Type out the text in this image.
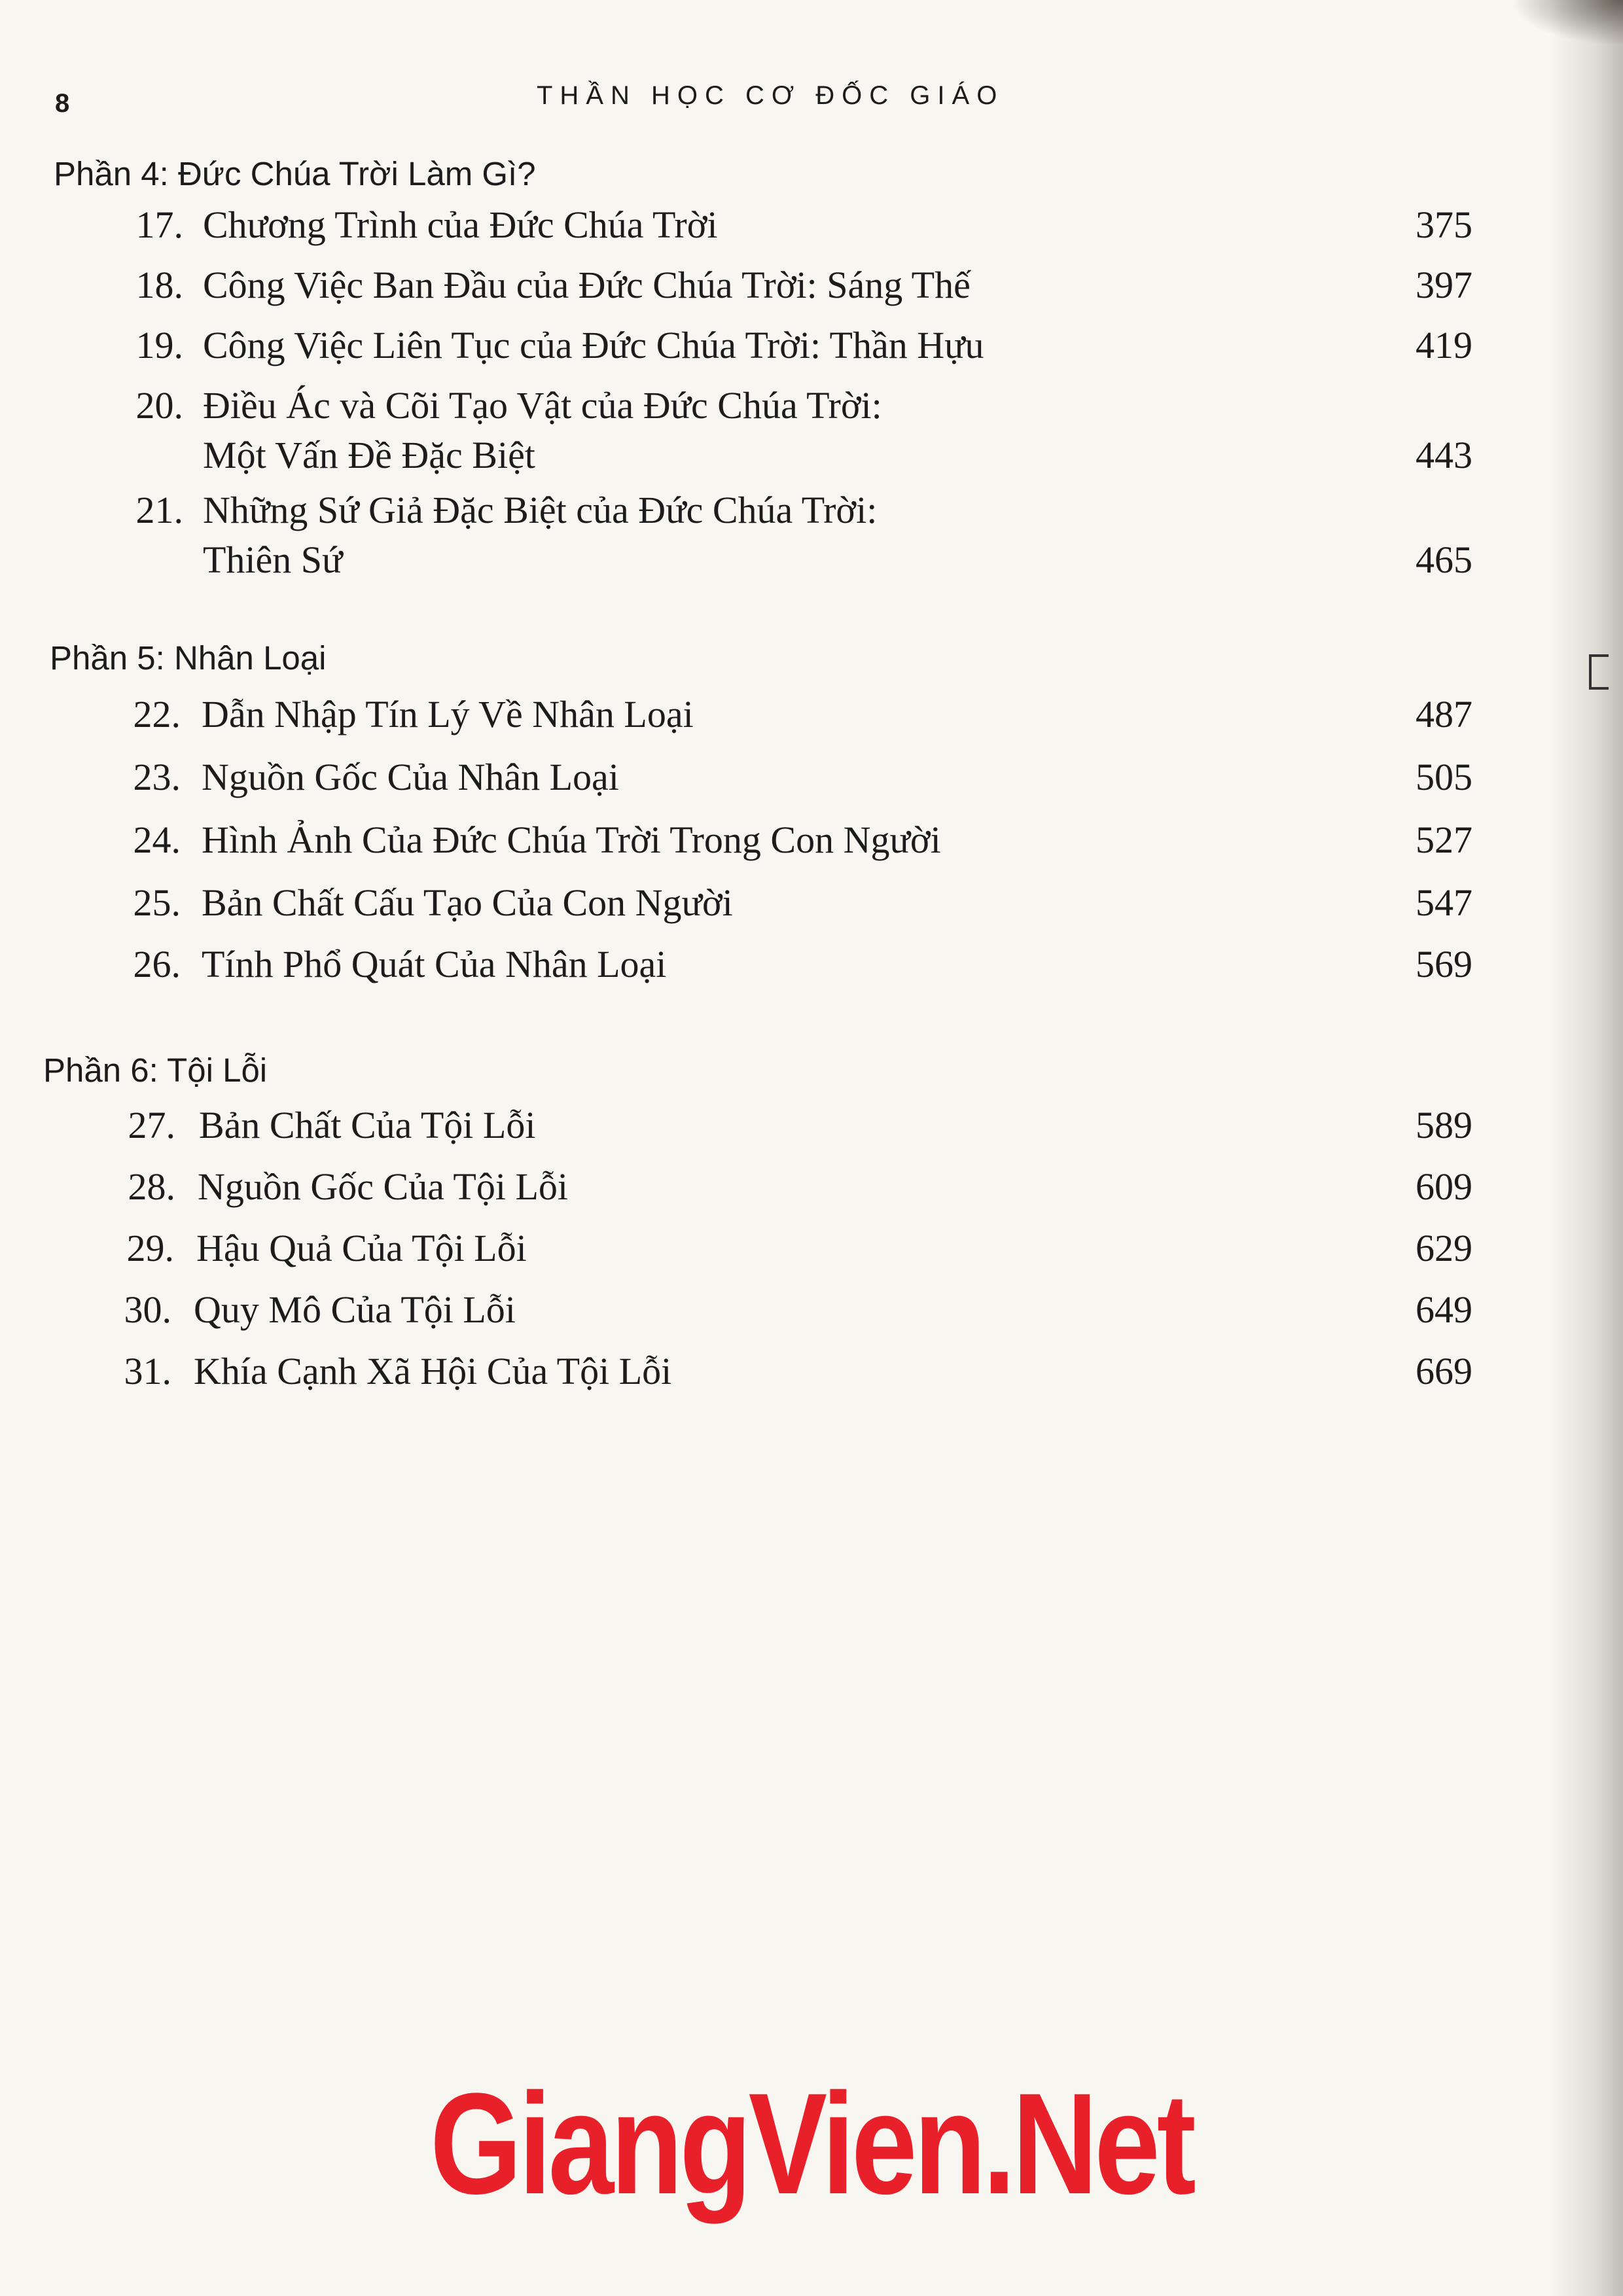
8	THẦN HỌC CƠ ĐỐC GIÁO
Phần 4: Đức Chúa Trời Làm Gì?
17. Chương Trình của Đức Chúa Trời	375
18. Công Việc Ban Đầu của Đức Chúa Trời: Sáng Thế	397
19. Công Việc Liên Tục của Đức Chúa Trời: Thần Hựu	419
20. Điều Ác và Cõi Tạo Vật của Đức Chúa Trời:
Một Vấn Đề Đặc Biệt	443
21. Những Sứ Giả Đặc Biệt của Đức Chúa Trời:
Thiên Sứ	465
Phần 5: Nhân Loại
22. Dẫn Nhập Tín Lý Về Nhân Loại	487
23. Nguồn Gốc Của Nhân Loại	505
24. Hình Ảnh Của Đức Chúa Trời Trong Con Người	527
25. Bản Chất Cấu Tạo Của Con Người	547
26. Tính Phổ Quát Của Nhân Loại	569
Phần 6: Tội Lỗi
27. Bản Chất Của Tội Lỗi	589
28. Nguồn Gốc Của Tội Lỗi	609
29. Hậu Quả Của Tội Lỗi	629
30. Quy Mô Của Tội Lỗi	649
31. Khía Cạnh Xã Hội Của Tội Lỗi	669
GiangVien.Net
